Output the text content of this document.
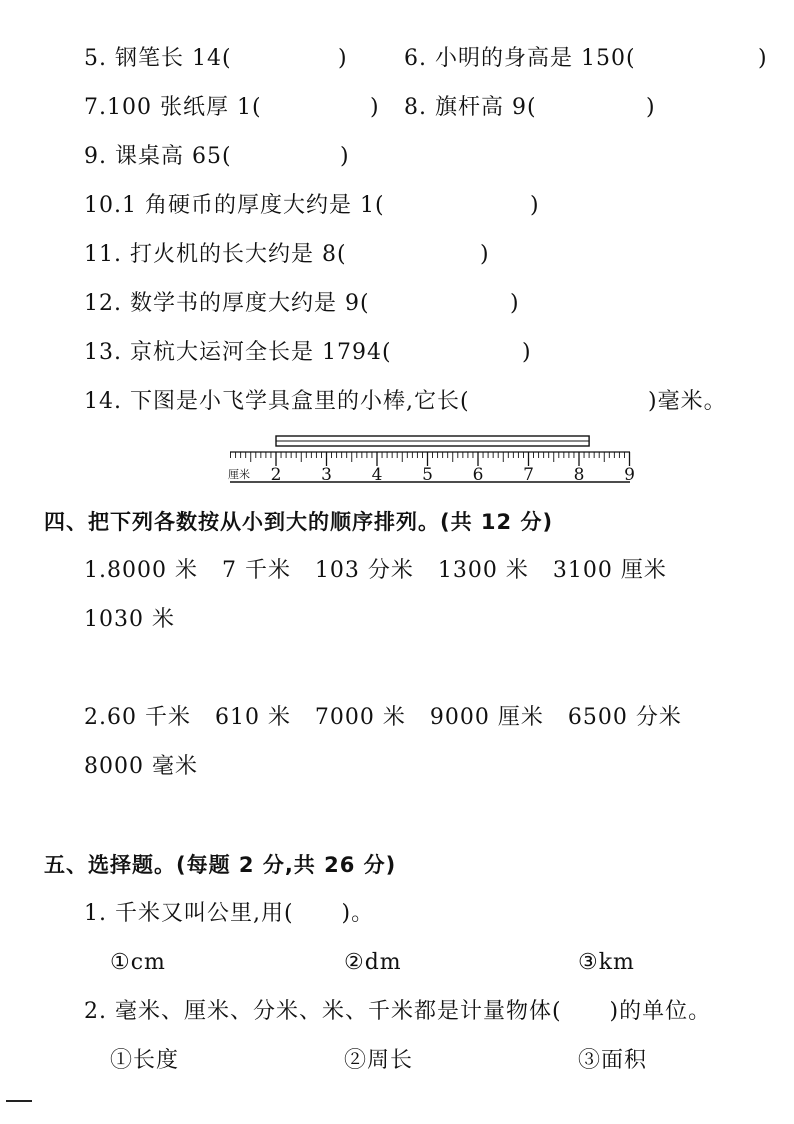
5. 钢笔长 14(	)	6. 小明的身高是 150(	)
7.100 张纸厚 1(	) 8. 旗杆高 9(	)
9. 课桌高 65(	)
10.1 角硬币的厚度大约是 1(	)
11. 打火机的长大约是 8(	)
12. 数学书的厚度大约是 9(	)
13. 京杭大运河全长是 1794(	)
14. 下图是小飞学具盒里的小棒,它长(	)毫米。
厘米 2 3 4 5 6 7 8 9
四、把下列各数按从小到大的顺序排列。(共 12 分)
1.8000 米   7 千米   103 分米   1300 米   3100 厘米
1030 米
2.60 千米   610 米   7000 米   9000 厘米   6500 分米
8000 毫米
五、选择题。(每题 2 分,共 26 分)
1. 千米又叫公里,用(      )。
①cm	②dm	③km
2. 毫米、厘米、分米、米、千米都是计量物体(      )的单位。
①长度	②周长	③面积
